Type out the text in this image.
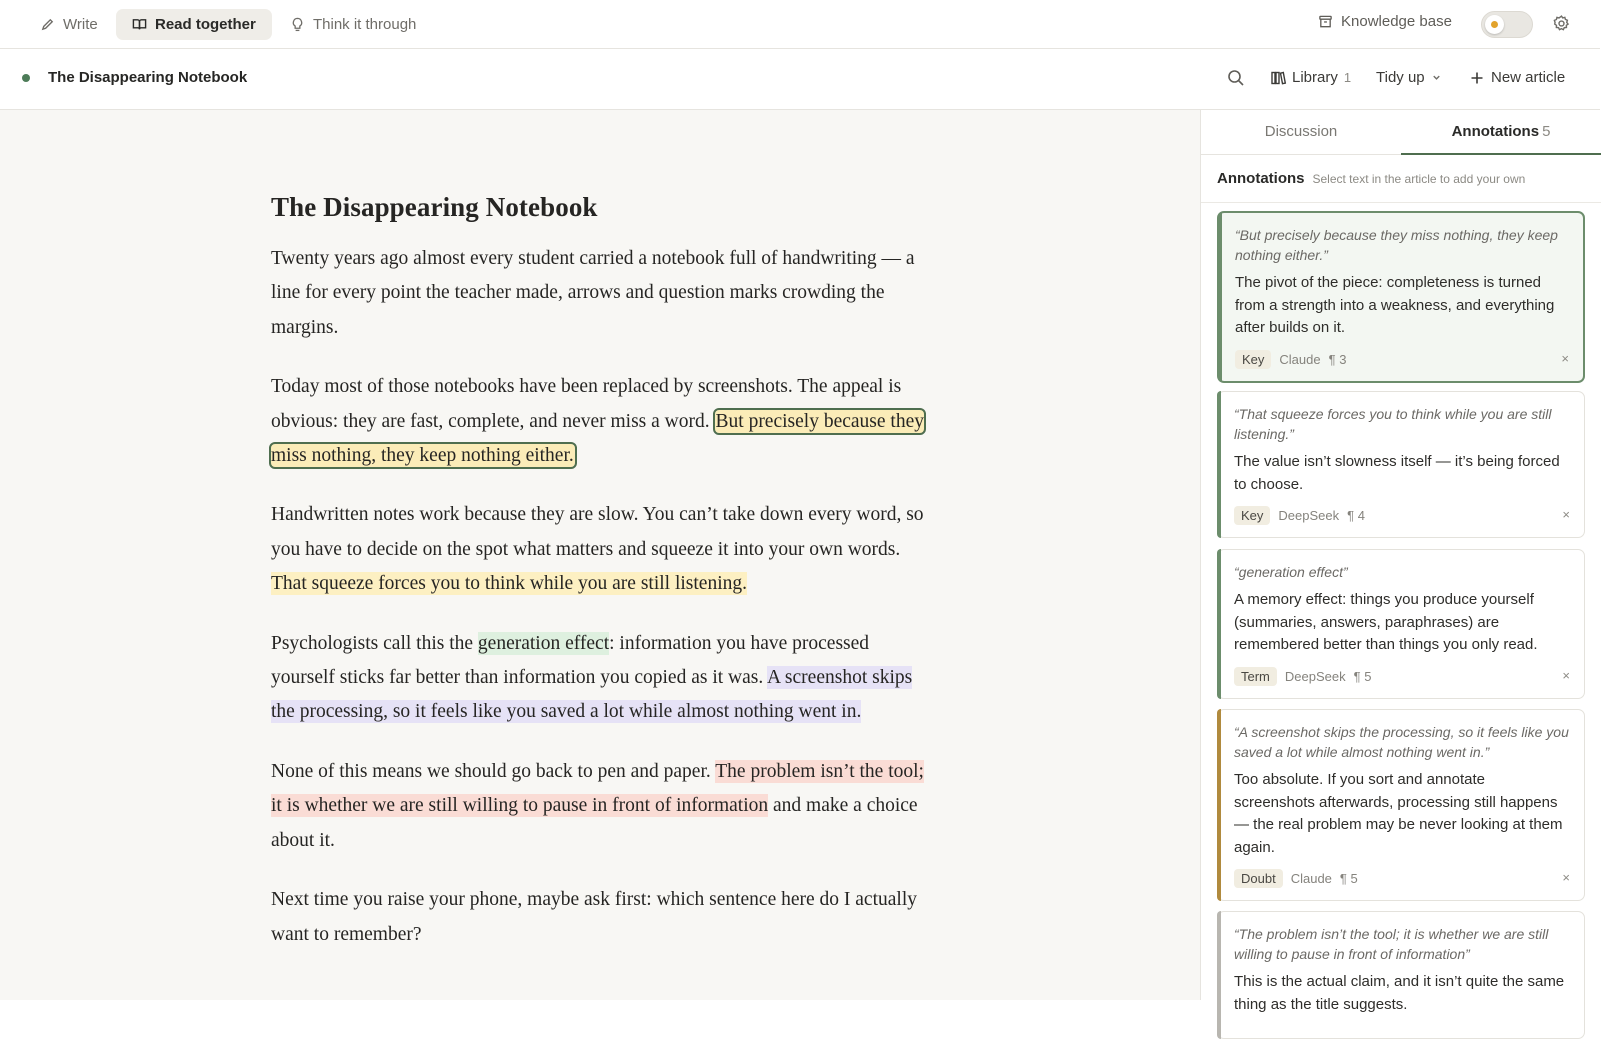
Write	Read together	Think it through	Knowledge base
The Disappearing Notebook	Library 1 Tidy up	New article
The Disappearing Notebook

Twenty years ago almost every student carried a notebook full of handwriting — a line for every point the teacher made, arrows and question marks crowding the margins.

Today most of those notebooks have been replaced by screenshots. The appeal is obvious: they are fast, complete, and never miss a word. But precisely because they miss nothing, they keep nothing either.

Handwritten notes work because they are slow. You can’t take down every word, so you have to decide on the spot what matters and squeeze it into your own words. That squeeze forces you to think while you are still listening.

Psychologists call this the generation effect: information you have processed yourself sticks far better than information you copied as it was. A screenshot skips the processing, so it feels like you saved a lot while almost nothing went in.

None of this means we should go back to pen and paper. The problem isn’t the tool; it is whether we are still willing to pause in front of information and make a choice about it.

Next time you raise your phone, maybe ask first: which sentence here do I actually want to remember?

Discussion	Annotations 5
Annotations Select text in the article to add your own
“But precisely because they miss nothing, they keep nothing either.”
The pivot of the piece: completeness is turned from a strength into a weakness, and everything after builds on it.
Key	Claude ¶ 3	×
“That squeeze forces you to think while you are still listening.”
The value isn’t slowness itself — it’s being forced to choose.
Key	DeepSeek ¶ 4	×
“generation effect”
A memory effect: things you produce yourself (summaries, answers, paraphrases) are remembered better than things you only read.
Term	DeepSeek ¶ 5	×
“A screenshot skips the processing, so it feels like you saved a lot while almost nothing went in.”
Too absolute. If you sort and annotate screenshots afterwards, processing still happens — the real problem may be never looking at them again.
Doubt	Claude ¶ 5	×
“The problem isn’t the tool; it is whether we are still willing to pause in front of information”
This is the actual claim, and it isn’t quite the same thing as the title suggests.
